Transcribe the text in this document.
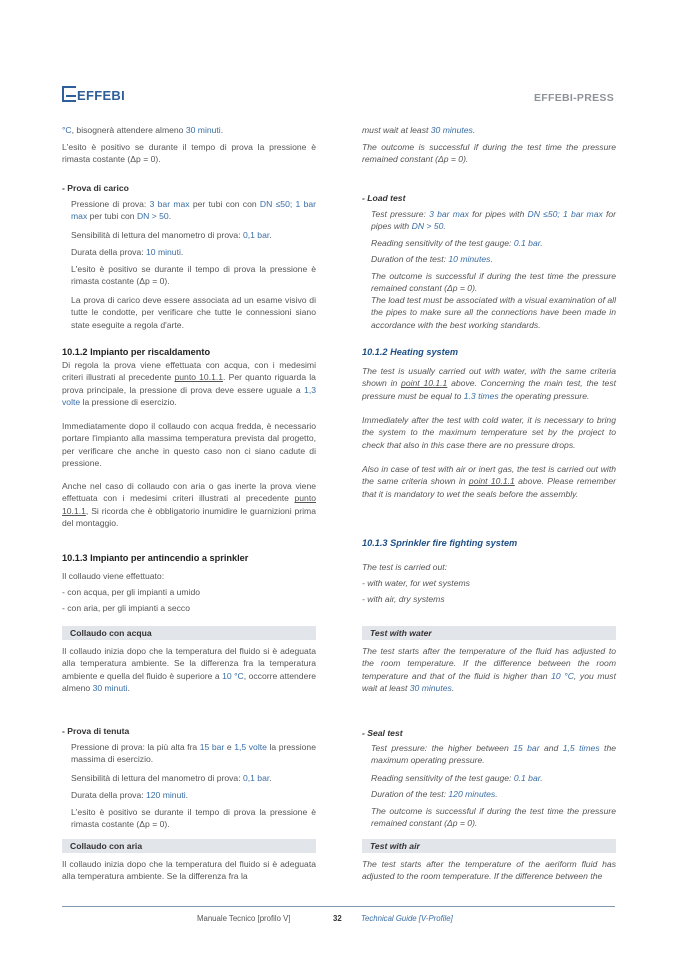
EFFEBI	EFFEBI-PRESS
°C, bisognerà attendere almeno 30 minuti.
L'esito è positivo se durante il tempo di prova la pressione è rimasta costante (Δp = 0).
- Prova di carico
Pressione di prova: 3 bar max per tubi con con DN ≤50; 1 bar max per tubi con DN > 50.
Sensibilità di lettura del manometro di prova: 0,1 bar.
Durata della prova: 10 minuti.
L'esito è positivo se durante il tempo di prova la pressione è rimasta costante (Δp = 0).
La prova di carico deve essere associata ad un esame visivo di tutte le condotte, per verificare che tutte le connessioni siano state eseguite a regola d'arte.
10.1.2 Impianto per riscaldamento
Di regola la prova viene effettuata con acqua, con i medesimi criteri illustrati al precedente punto 10.1.1. Per quanto riguarda la prova principale, la pressione di prova deve essere uguale a 1,3 volte la pressione di esercizio.
Immediatamente dopo il collaudo con acqua fredda, è necessario portare l'impianto alla massima temperatura prevista dal progetto, per verificare che anche in questo caso non ci siano cadute di pressione.
Anche nel caso di collaudo con aria o gas inerte la prova viene effettuata con i medesimi criteri illustrati al precedente punto 10.1.1, Si ricorda che è obbligatorio inumidire le guarnizioni prima del montaggio.
10.1.3 Impianto per antincendio a sprinkler
Il collaudo viene effettuato:
- con acqua, per gli impianti a umido
- con aria, per gli impianti a secco
Collaudo con acqua
Il collaudo inizia dopo che la temperatura del fluido si è adeguata alla temperatura ambiente. Se la differenza fra la temperatura ambiente e quella del fluido è superiore a 10 °C, occorre attendere almeno 30 minuti.
- Prova di tenuta
Pressione di prova: la più alta fra 15 bar e 1,5 volte la pressione massima di esercizio.
Sensibilità di lettura del manometro di prova: 0,1 bar.
Durata della prova: 120 minuti.
L'esito è positivo se durante il tempo di prova la pressione è rimasta costante (Δp = 0).
Collaudo con aria
Il collaudo inizia dopo che la temperatura del fluido si è adeguata alla temperatura ambiente. Se la differenza fra la
must wait at least 30 minutes.
The outcome is successful if during the test time the pressure remained constant (Δp = 0).
- Load test
Test pressure: 3 bar max for pipes with DN ≤50; 1 bar max for pipes with DN > 50.
Reading sensitivity of the test gauge: 0.1 bar.
Duration of the test: 10 minutes.
The outcome is successful if during the test time the pressure remained constant (Δp = 0).
The load test must be associated with a visual examination of all the pipes to make sure all the connections have been made in accordance with the best working standards.
10.1.2 Heating system
The test is usually carried out with water, with the same criteria shown in point 10.1.1 above. Concerning the main test, the test pressure must be equal to 1.3 times the operating pressure.
Immediately after the test with cold water, it is necessary to bring the system to the maximum temperature set by the project to check that also in this case there are no pressure drops.
Also in case of test with air or inert gas, the test is carried out with the same criteria shown in point 10.1.1 above. Please remember that it is mandatory to wet the seals before the assembly.
10.1.3 Sprinkler fire fighting system
The test is carried out:
- with water, for wet systems
- with air, dry systems
Test with water
The test starts after the temperature of the fluid has adjusted to the room temperature. If the difference between the room temperature and that of the fluid is higher than 10 °C, you must wait at least 30 minutes.
- Seal test
Test pressure: the higher between 15 bar and 1,5 times the maximum operating pressure.
Reading sensitivity of the test gauge: 0.1 bar.
Duration of the test: 120 minutes.
The outcome is successful if during the test time the pressure remained constant (Δp = 0).
Test with air
The test starts after the temperature of the aeriform fluid has adjusted to the room temperature. If the difference between the
Manuale Tecnico [profilo V]	32 Technical Guide [V-Profile]
